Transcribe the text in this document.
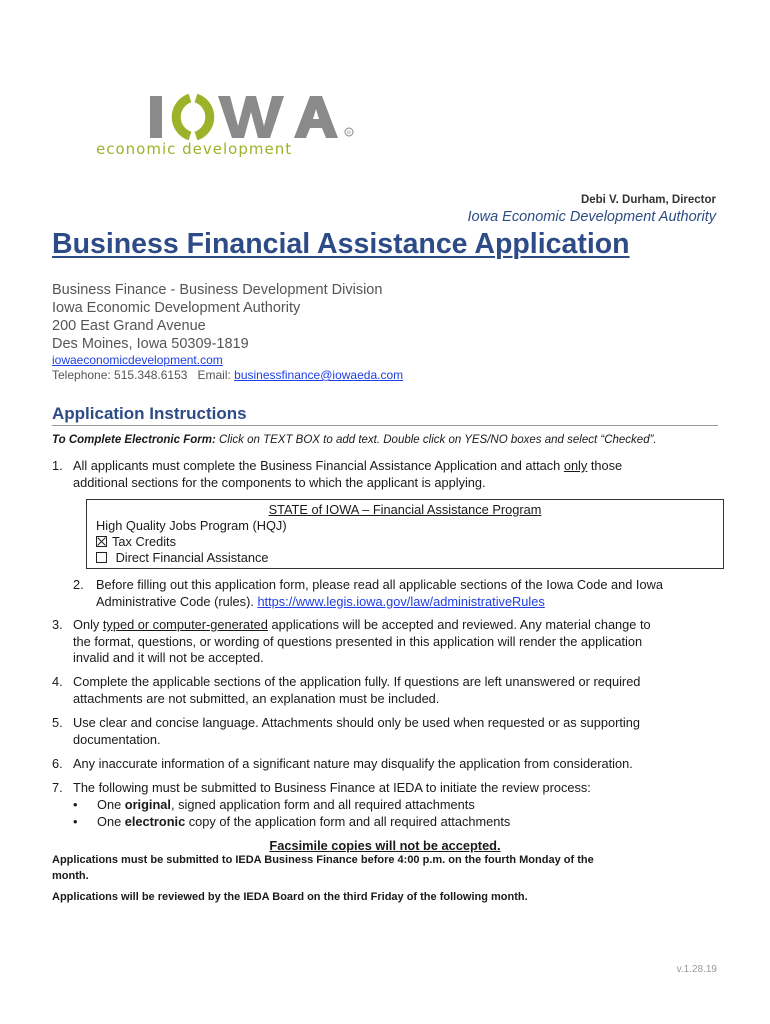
R
economic development
Debi V. Durham, Director
Iowa Economic Development Authority
Business Financial Assistance Application
Business Finance - Business Development Division
Iowa Economic Development Authority
200 East Grand Avenue
Des Moines, Iowa 50309-1819
iowaeconomicdevelopment.com
Telephone: 515.348.6153 Email: businessfinance@iowaeda.com
Application Instructions
To Complete Electronic Form: Click on TEXT BOX to add text. Double click on YES/NO boxes and select “Checked”.
1. All applicants must complete the Business Financial Assistance Application and attach only those
additional sections for the components to which the applicant is applying.
STATE of IOWA – Financial Assistance Program
High Quality Jobs Program (HQJ)
Tax Credits
Direct Financial Assistance
2. Before filling out this application form, please read all applicable sections of the Iowa Code and Iowa
Administrative Code (rules). https://www.legis.iowa.gov/law/administrativeRules
3. Only typed or computer-generated applications will be accepted and reviewed. Any material change to
the format, questions, or wording of questions presented in this application will render the application
invalid and it will not be accepted.
4. Complete the applicable sections of the application fully. If questions are left unanswered or required
attachments are not submitted, an explanation must be included.
5. Use clear and concise language. Attachments should only be used when requested or as supporting
documentation.
6. Any inaccurate information of a significant nature may disqualify the application from consideration.
7. The following must be submitted to Business Finance at IEDA to initiate the review process:
• One original, signed application form and all required attachments
• One electronic copy of the application form and all required attachments
Facsimile copies will not be accepted.
Applications must be submitted to IEDA Business Finance before 4:00 p.m. on the fourth Monday of the
month.
Applications will be reviewed by the IEDA Board on the third Friday of the following month.
v.1.28.19
